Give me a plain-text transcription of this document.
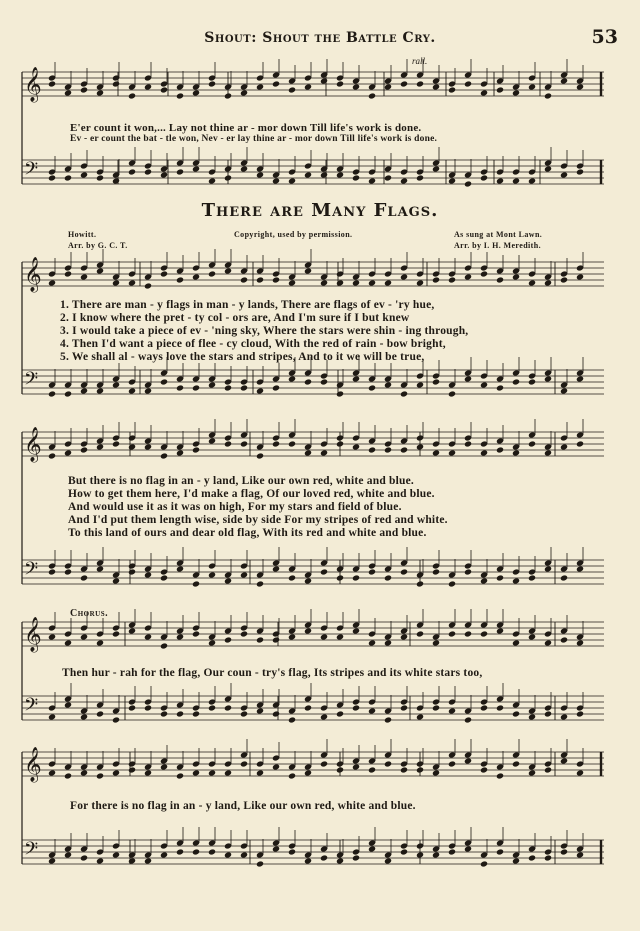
Shout: Shout the Battle Cry.	53
𝄞
𝄢
𝄞
𝄢
𝄞
𝄢
𝄞
𝄢
𝄞
𝄢
rall.
E'er count it won,... Lay not thine ar - mor down Till life's work is done.
Ev - er count the bat - tle won, Nev - er lay thine ar - mor down Till life's work is done.
There are Many Flags.
Howitt.
Arr. by G. C. T.
Copyright, used by permission.	As sung at Mont Lawn.
Arr. by I. H. Meredith.
1. There are man - y flags in man - y lands, There are flags of ev - 'ry hue,
2. I know where the pret - ty col - ors are, And I'm sure if I but knew
3. I would take a piece of ev - 'ning sky, Where the stars were shin - ing through,
4. Then I'd want a piece of flee - cy cloud, With the red of rain - bow bright,
5. We shall al - ways love the stars and stripes, And to it we will be true,
But there is no flag in an - y land, Like our own red, white and blue.
How to get them here, I'd make a flag, Of our loved red, white and blue.
And would use it as it was on high, For my stars and field of blue.
And I'd put them length wise, side by side For my stripes of red and white.
To this land of ours and dear old flag, With its red and white and blue.
Chorus.
Then hur - rah for the flag, Our coun - try's flag, Its stripes and its white stars too,
For there is no flag in an - y land, Like our own red, white and blue.
